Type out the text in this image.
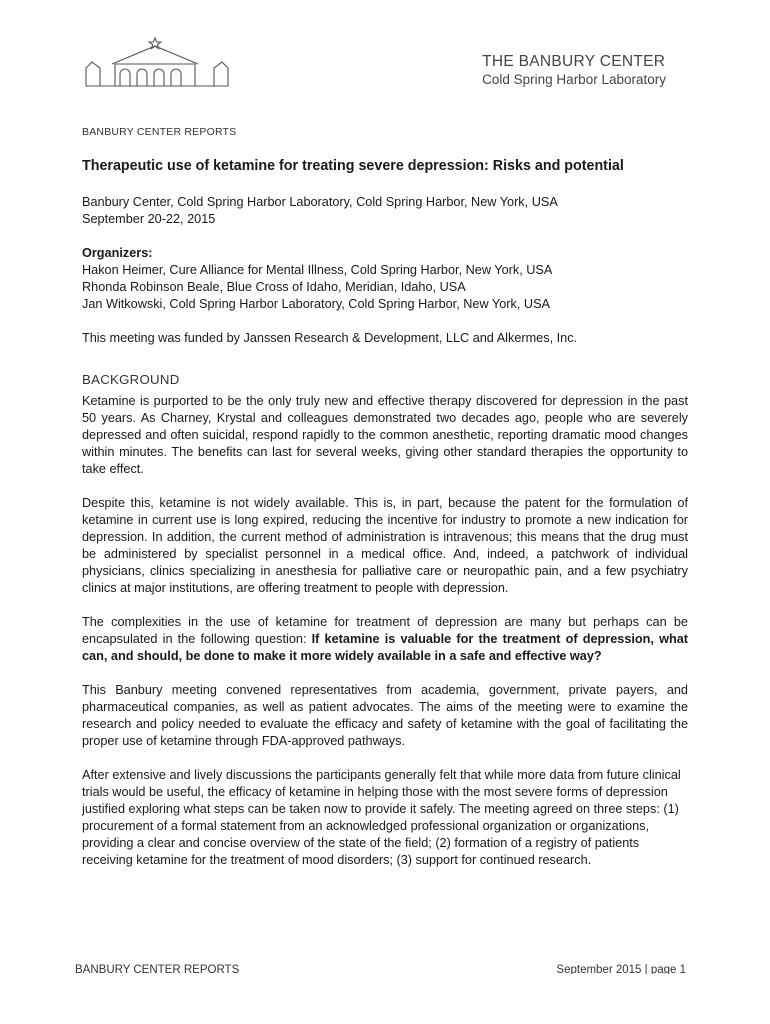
THE BANBURY CENTER
Cold Spring Harbor Laboratory
BANBURY CENTER REPORTS
Therapeutic use of ketamine for treating severe depression: Risks and potential
Banbury Center, Cold Spring Harbor Laboratory, Cold Spring Harbor, New York, USA
September 20-22, 2015
Organizers:
Hakon Heimer, Cure Alliance for Mental Illness, Cold Spring Harbor, New York, USA
Rhonda Robinson Beale, Blue Cross of Idaho, Meridian, Idaho, USA
Jan Witkowski, Cold Spring Harbor Laboratory, Cold Spring Harbor, New York, USA
This meeting was funded by Janssen Research & Development, LLC and Alkermes, Inc.
BACKGROUND

Ketamine is purported to be the only truly new and effective therapy discovered for depression in the past 50 years. As Charney, Krystal and colleagues demonstrated two decades ago, people who are severely depressed and often suicidal, respond rapidly to the common anesthetic, reporting dramatic mood changes within minutes. The benefits can last for several weeks, giving other standard therapies the opportunity to take effect.

Despite this, ketamine is not widely available. This is, in part, because the patent for the formulation of ketamine in current use is long expired, reducing the incentive for industry to promote a new indication for depression. In addition, the current method of administration is intravenous; this means that the drug must be administered by specialist personnel in a medical office. And, indeed, a patchwork of individual physicians, clinics specializing in anesthesia for palliative care or neuropathic pain, and a few psychiatry clinics at major institutions, are offering treatment to people with depression.

The complexities in the use of ketamine for treatment of depression are many but perhaps can be encapsulated in the following question: If ketamine is valuable for the treatment of depression, what can, and should, be done to make it more widely available in a safe and effective way?

This Banbury meeting convened representatives from academia, government, private payers, and pharmaceutical companies, as well as patient advocates. The aims of the meeting were to examine the research and policy needed to evaluate the efficacy and safety of ketamine with the goal of facilitating the proper use of ketamine through FDA-approved pathways.

After extensive and lively discussions the participants generally felt that while more data from future clinical trials would be useful, the efficacy of ketamine in helping those with the most severe forms of depression justified exploring what steps can be taken now to provide it safely. The meeting agreed on three steps: (1) procurement of a formal statement from an acknowledged professional organization or organizations, providing a clear and concise overview of the state of the field; (2) formation of a registry of patients receiving ketamine for the treatment of mood disorders; (3) support for continued research.

BANBURY CENTER REPORTS	September 2015 | page 1
